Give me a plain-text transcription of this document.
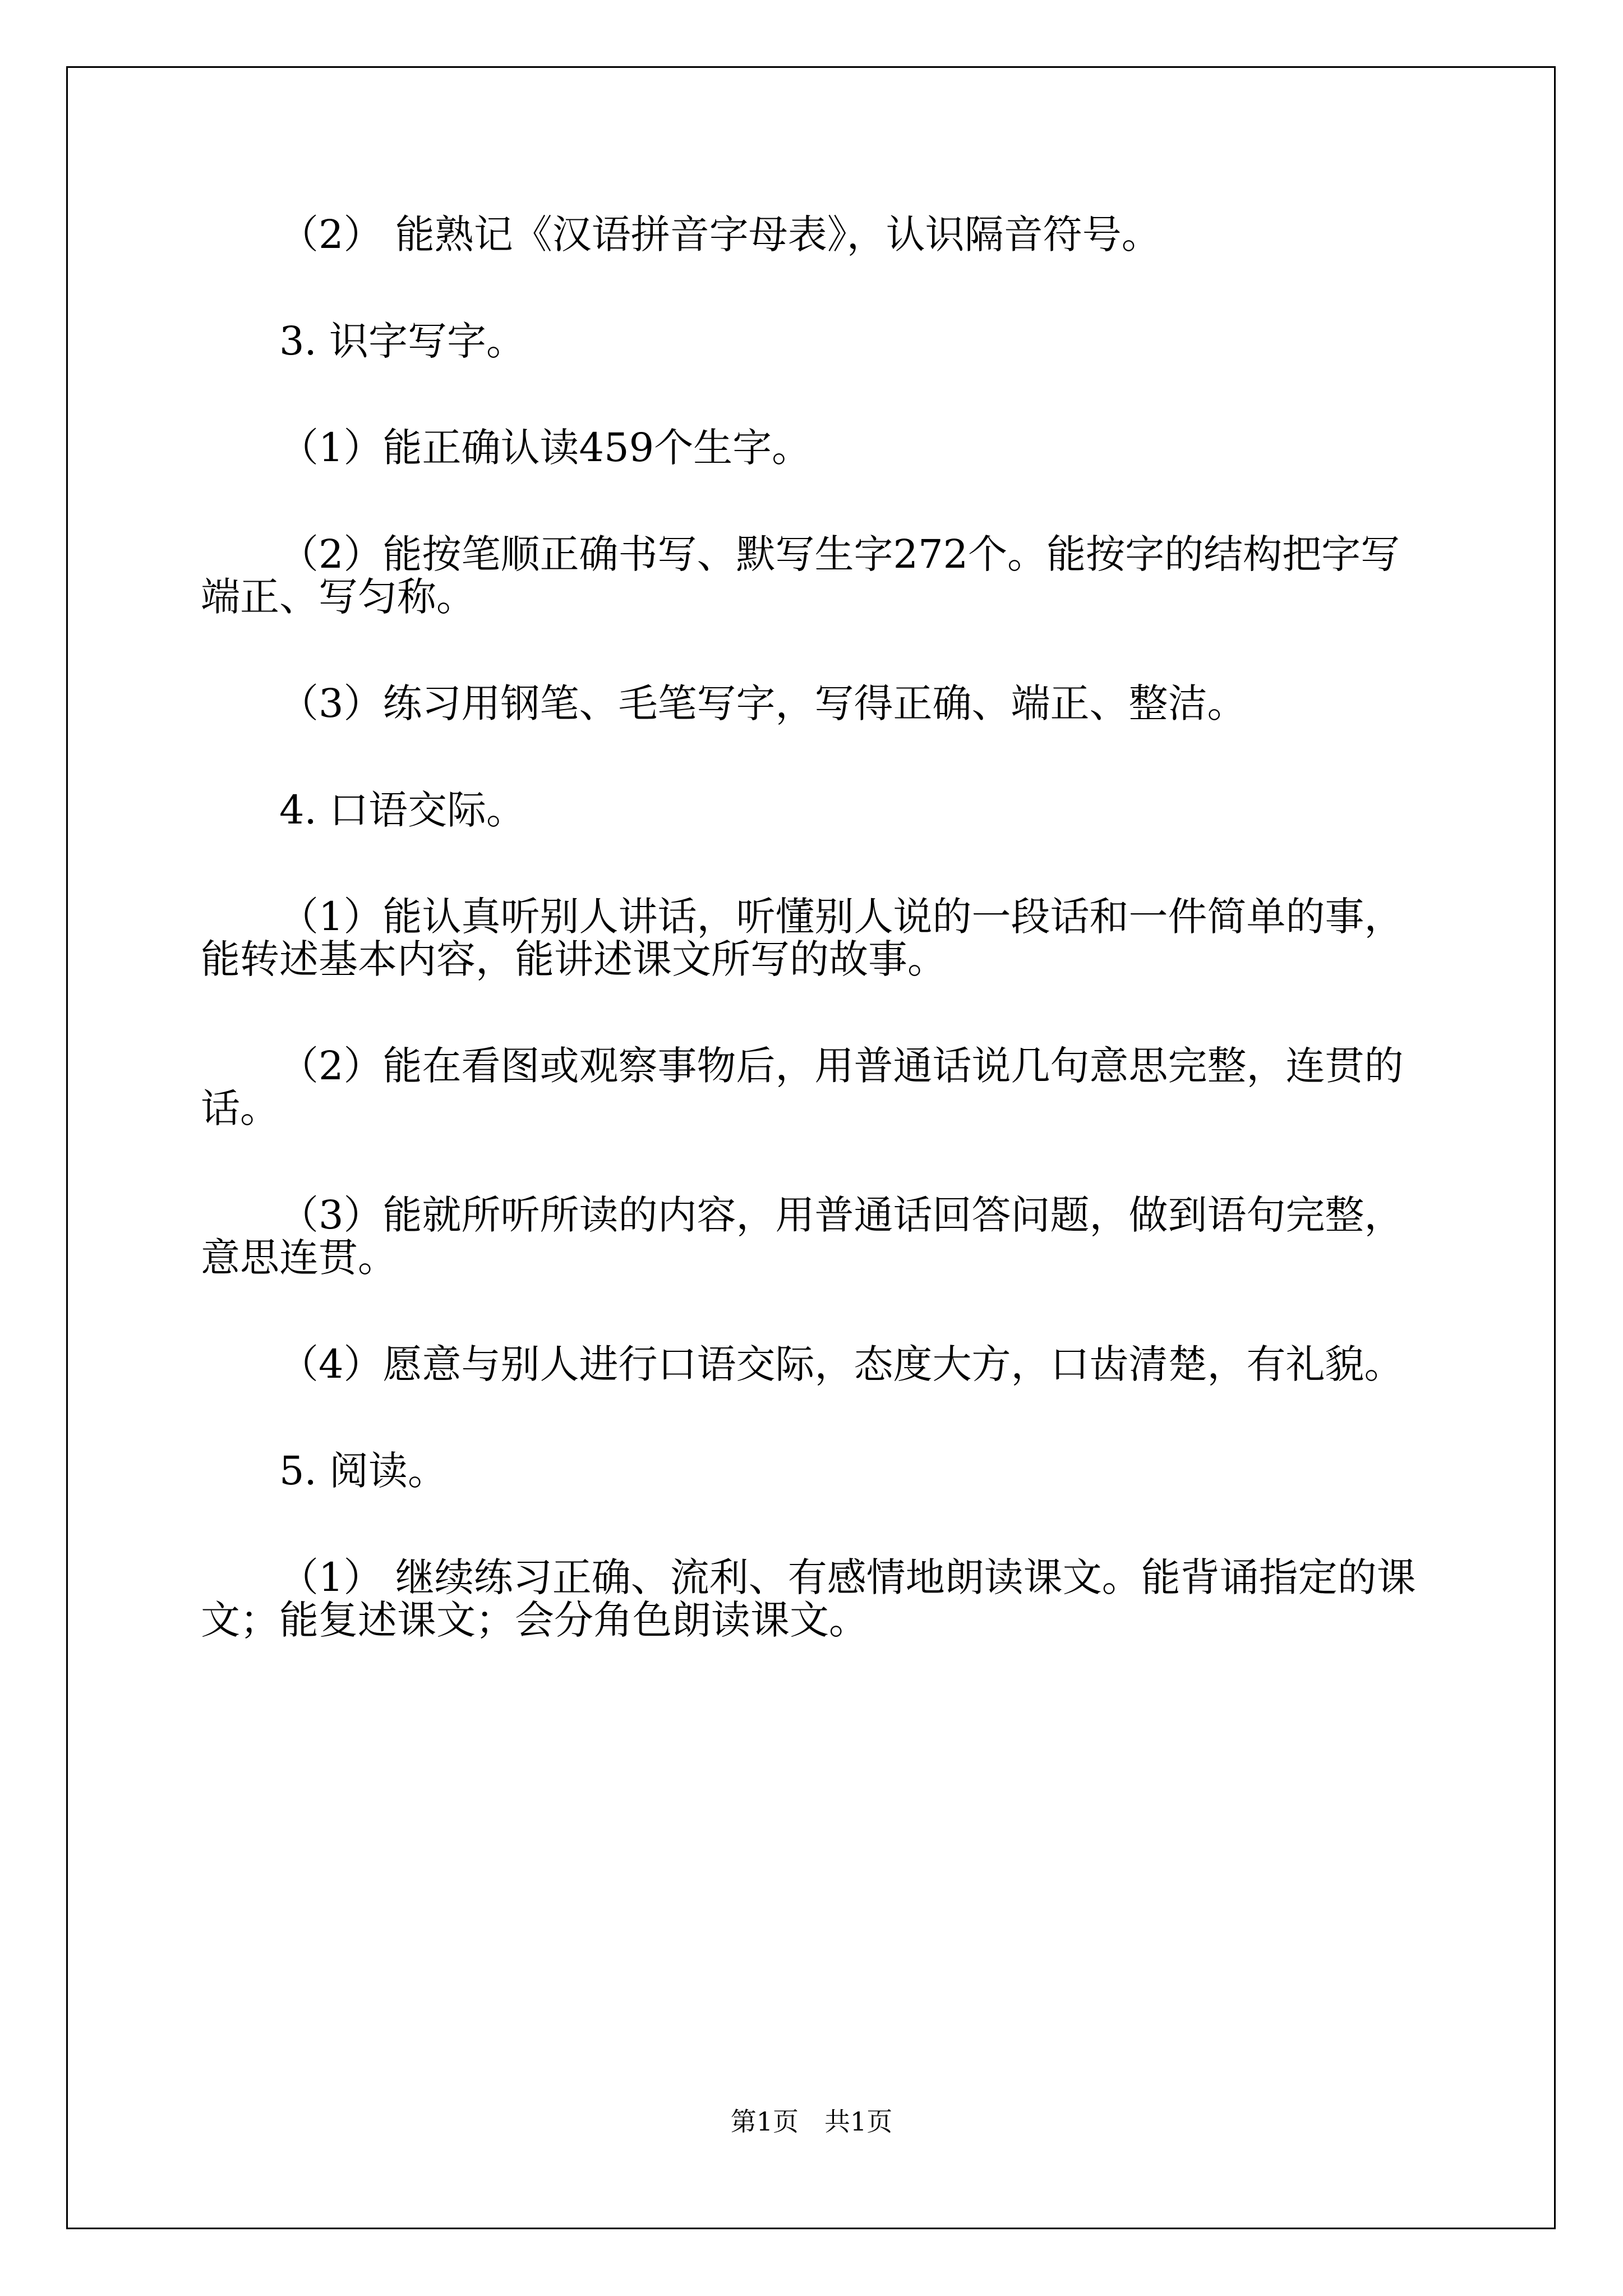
（2） 能熟记《汉语拼音字母表》，认识隔音符号。

3. 识字写字。

（1）能正确认读459个生字。

（2）能按笔顺正确书写、默写生字272个。能按字的结构把字写端正、写匀称。

（3）练习用钢笔、毛笔写字，写得正确、端正、整洁。

4. 口语交际。

（1）能认真听别人讲话，听懂别人说的一段话和一件简单的事，能转述基本内容，能讲述课文所写的故事。

（2）能在看图或观察事物后，用普通话说几句意思完整，连贯的话。

（3）能就所听所读的内容，用普通话回答问题，做到语句完整，意思连贯。

（4）愿意与别人进行口语交际，态度大方，口齿清楚，有礼貌。

5. 阅读。

（1） 继续练习正确、流利、有感情地朗读课文。能背诵指定的课文；能复述课文；会分角色朗读课文。

第1页　共1页
